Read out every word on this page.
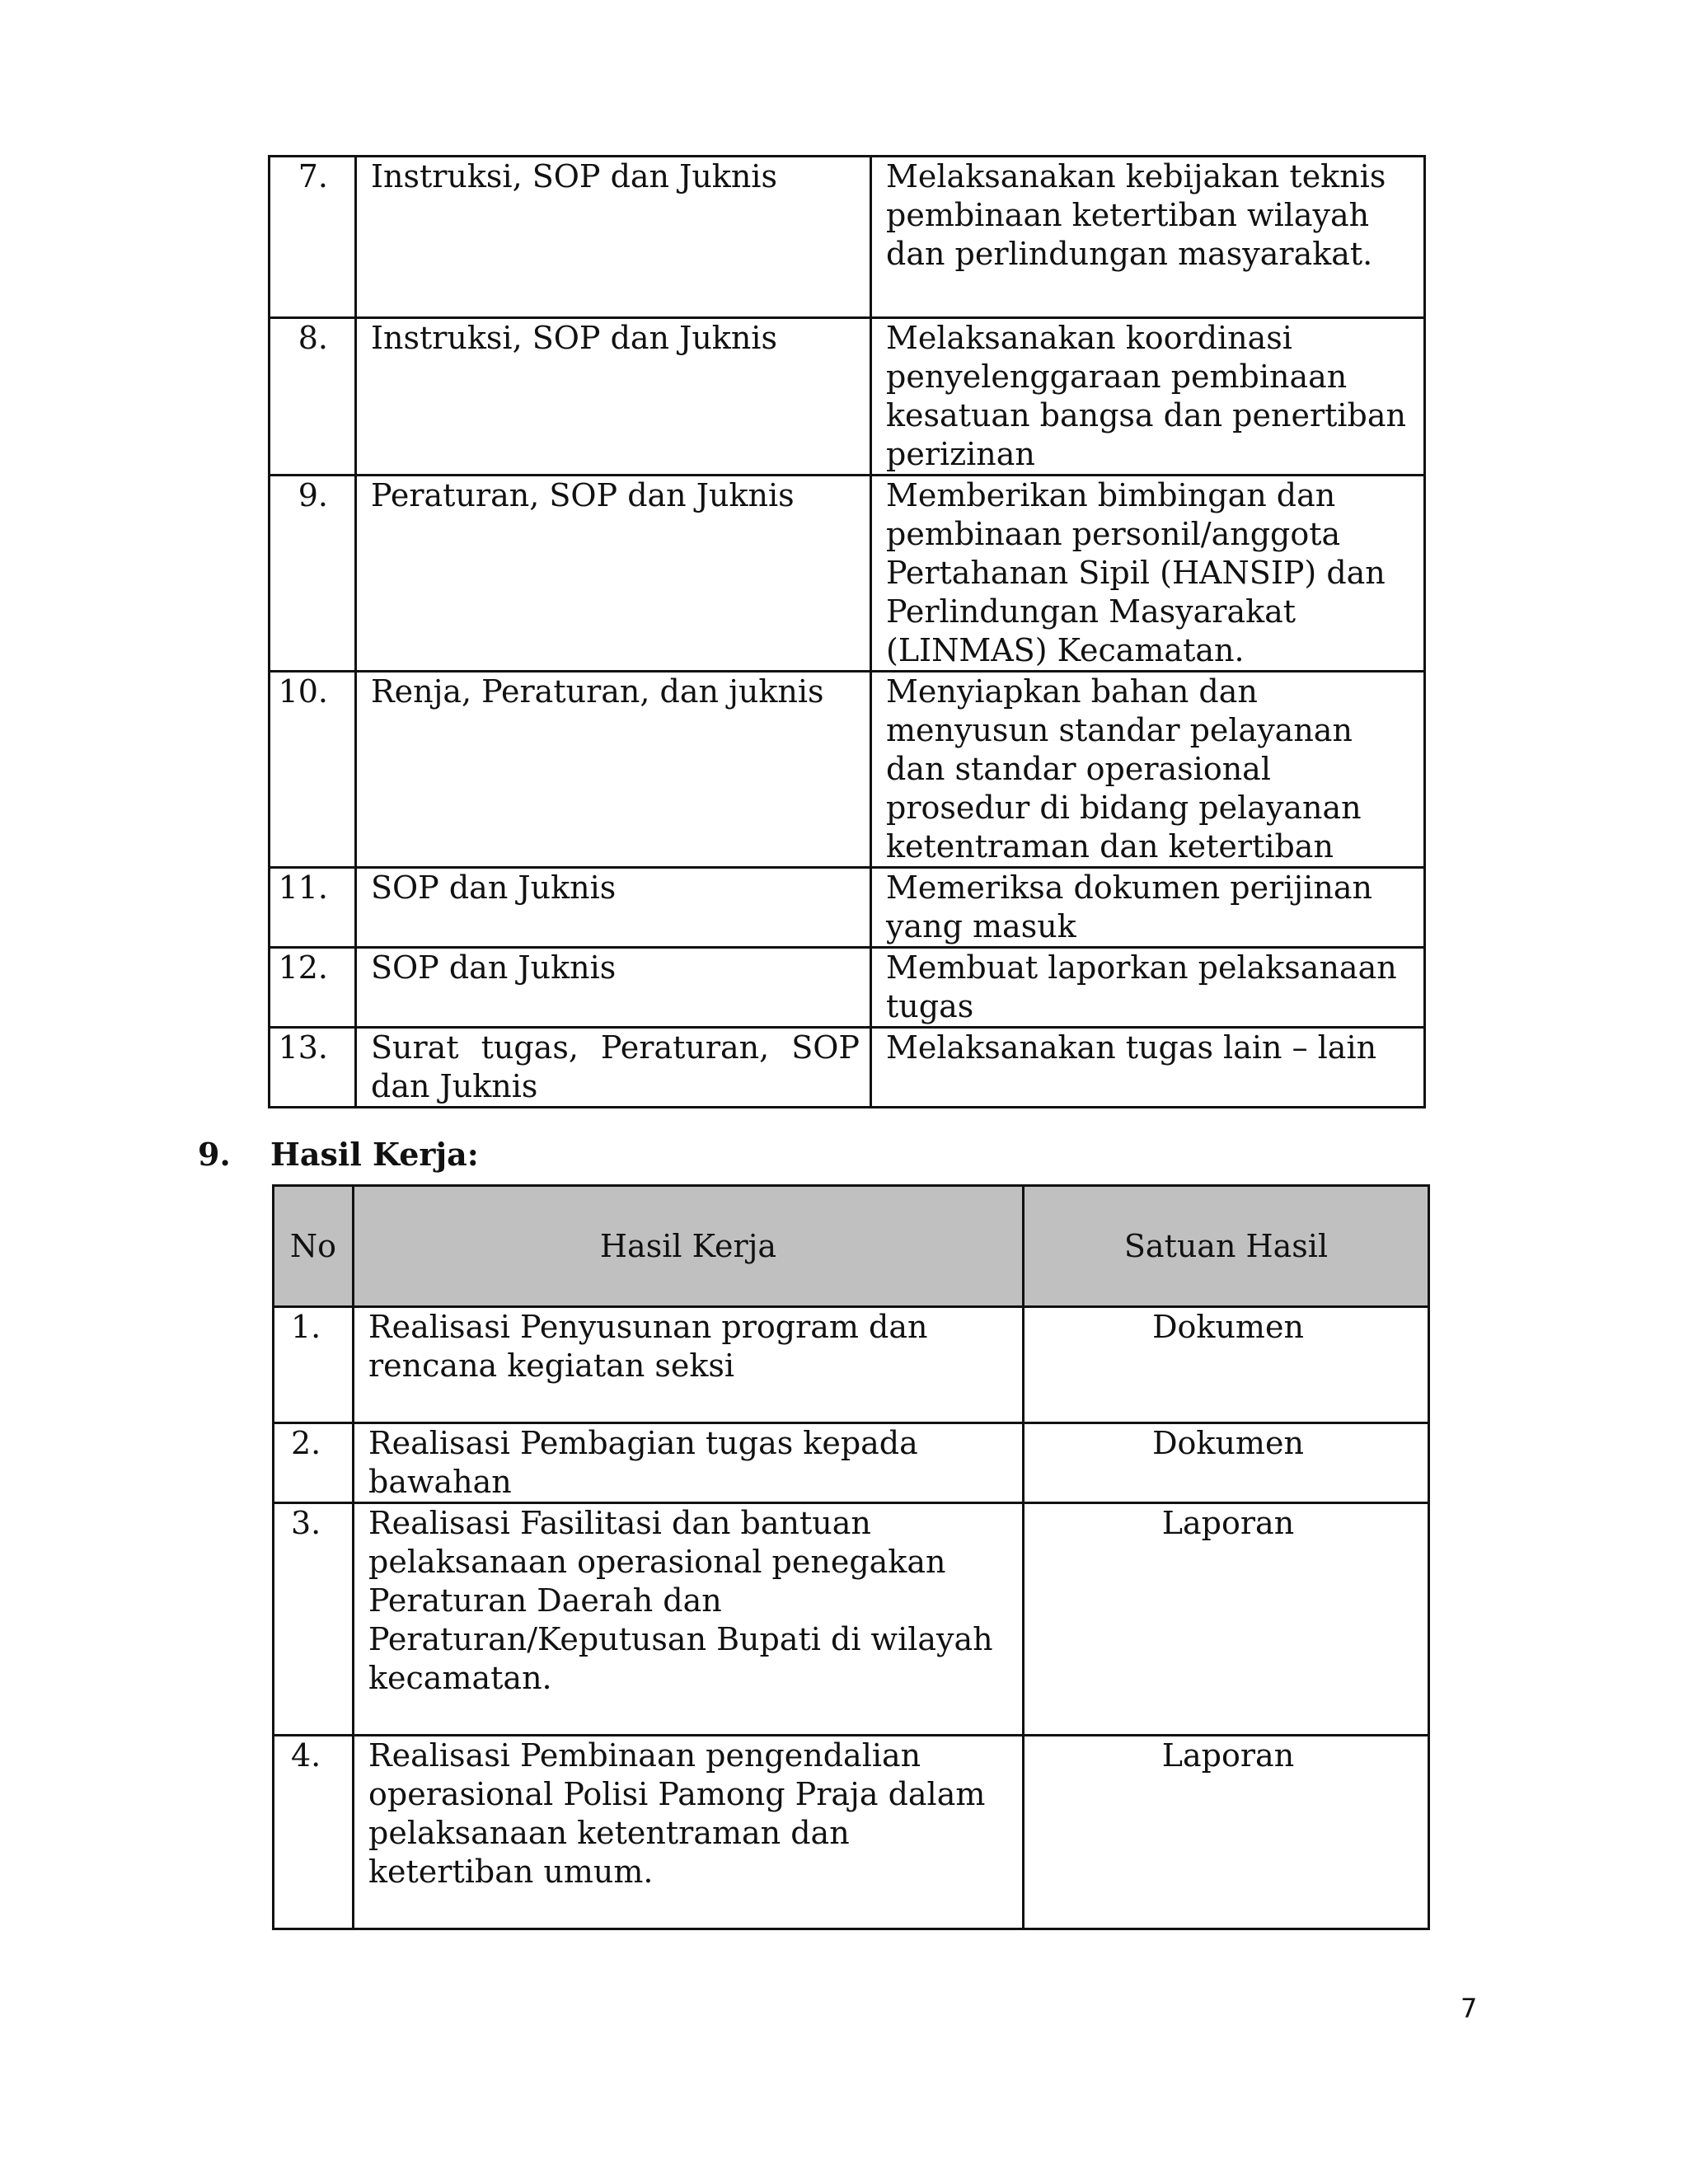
7.	Instruksi, SOP dan Juknis	Melaksanakan kebijakan teknis pembinaan ketertiban wilayah dan perlindungan masyarakat.
8.	Instruksi, SOP dan Juknis	Melaksanakan koordinasi penyelenggaraan pembinaan kesatuan bangsa dan penertiban perizinan
9.	Peraturan, SOP dan Juknis	Memberikan bimbingan dan pembinaan personil/anggota Pertahanan Sipil (HANSIP) dan Perlindungan Masyarakat (LINMAS) Kecamatan.
10.	Renja, Peraturan, dan juknis	Menyiapkan bahan dan menyusun standar pelayanan dan standar operasional prosedur di bidang pelayanan ketentraman dan ketertiban
11.	SOP dan Juknis	Memeriksa dokumen perijinan yang masuk
12.	SOP dan Juknis	Membuat laporkan pelaksanaan tugas
13.	Surat tugas, Peraturan, SOP dan Juknis	Melaksanakan tugas lain – lain
9. Hasil Kerja:
No	Hasil Kerja	Satuan Hasil
1.	Realisasi Penyusunan program dan rencana kegiatan seksi	Dokumen
2.	Realisasi Pembagian tugas kepada bawahan	Dokumen
3.	Realisasi Fasilitasi dan bantuan pelaksanaan operasional penegakan Peraturan Daerah dan Peraturan/Keputusan Bupati di wilayah kecamatan.	Laporan
4.	Realisasi Pembinaan pengendalian operasional Polisi Pamong Praja dalam pelaksanaan ketentraman dan ketertiban umum.	Laporan
7
